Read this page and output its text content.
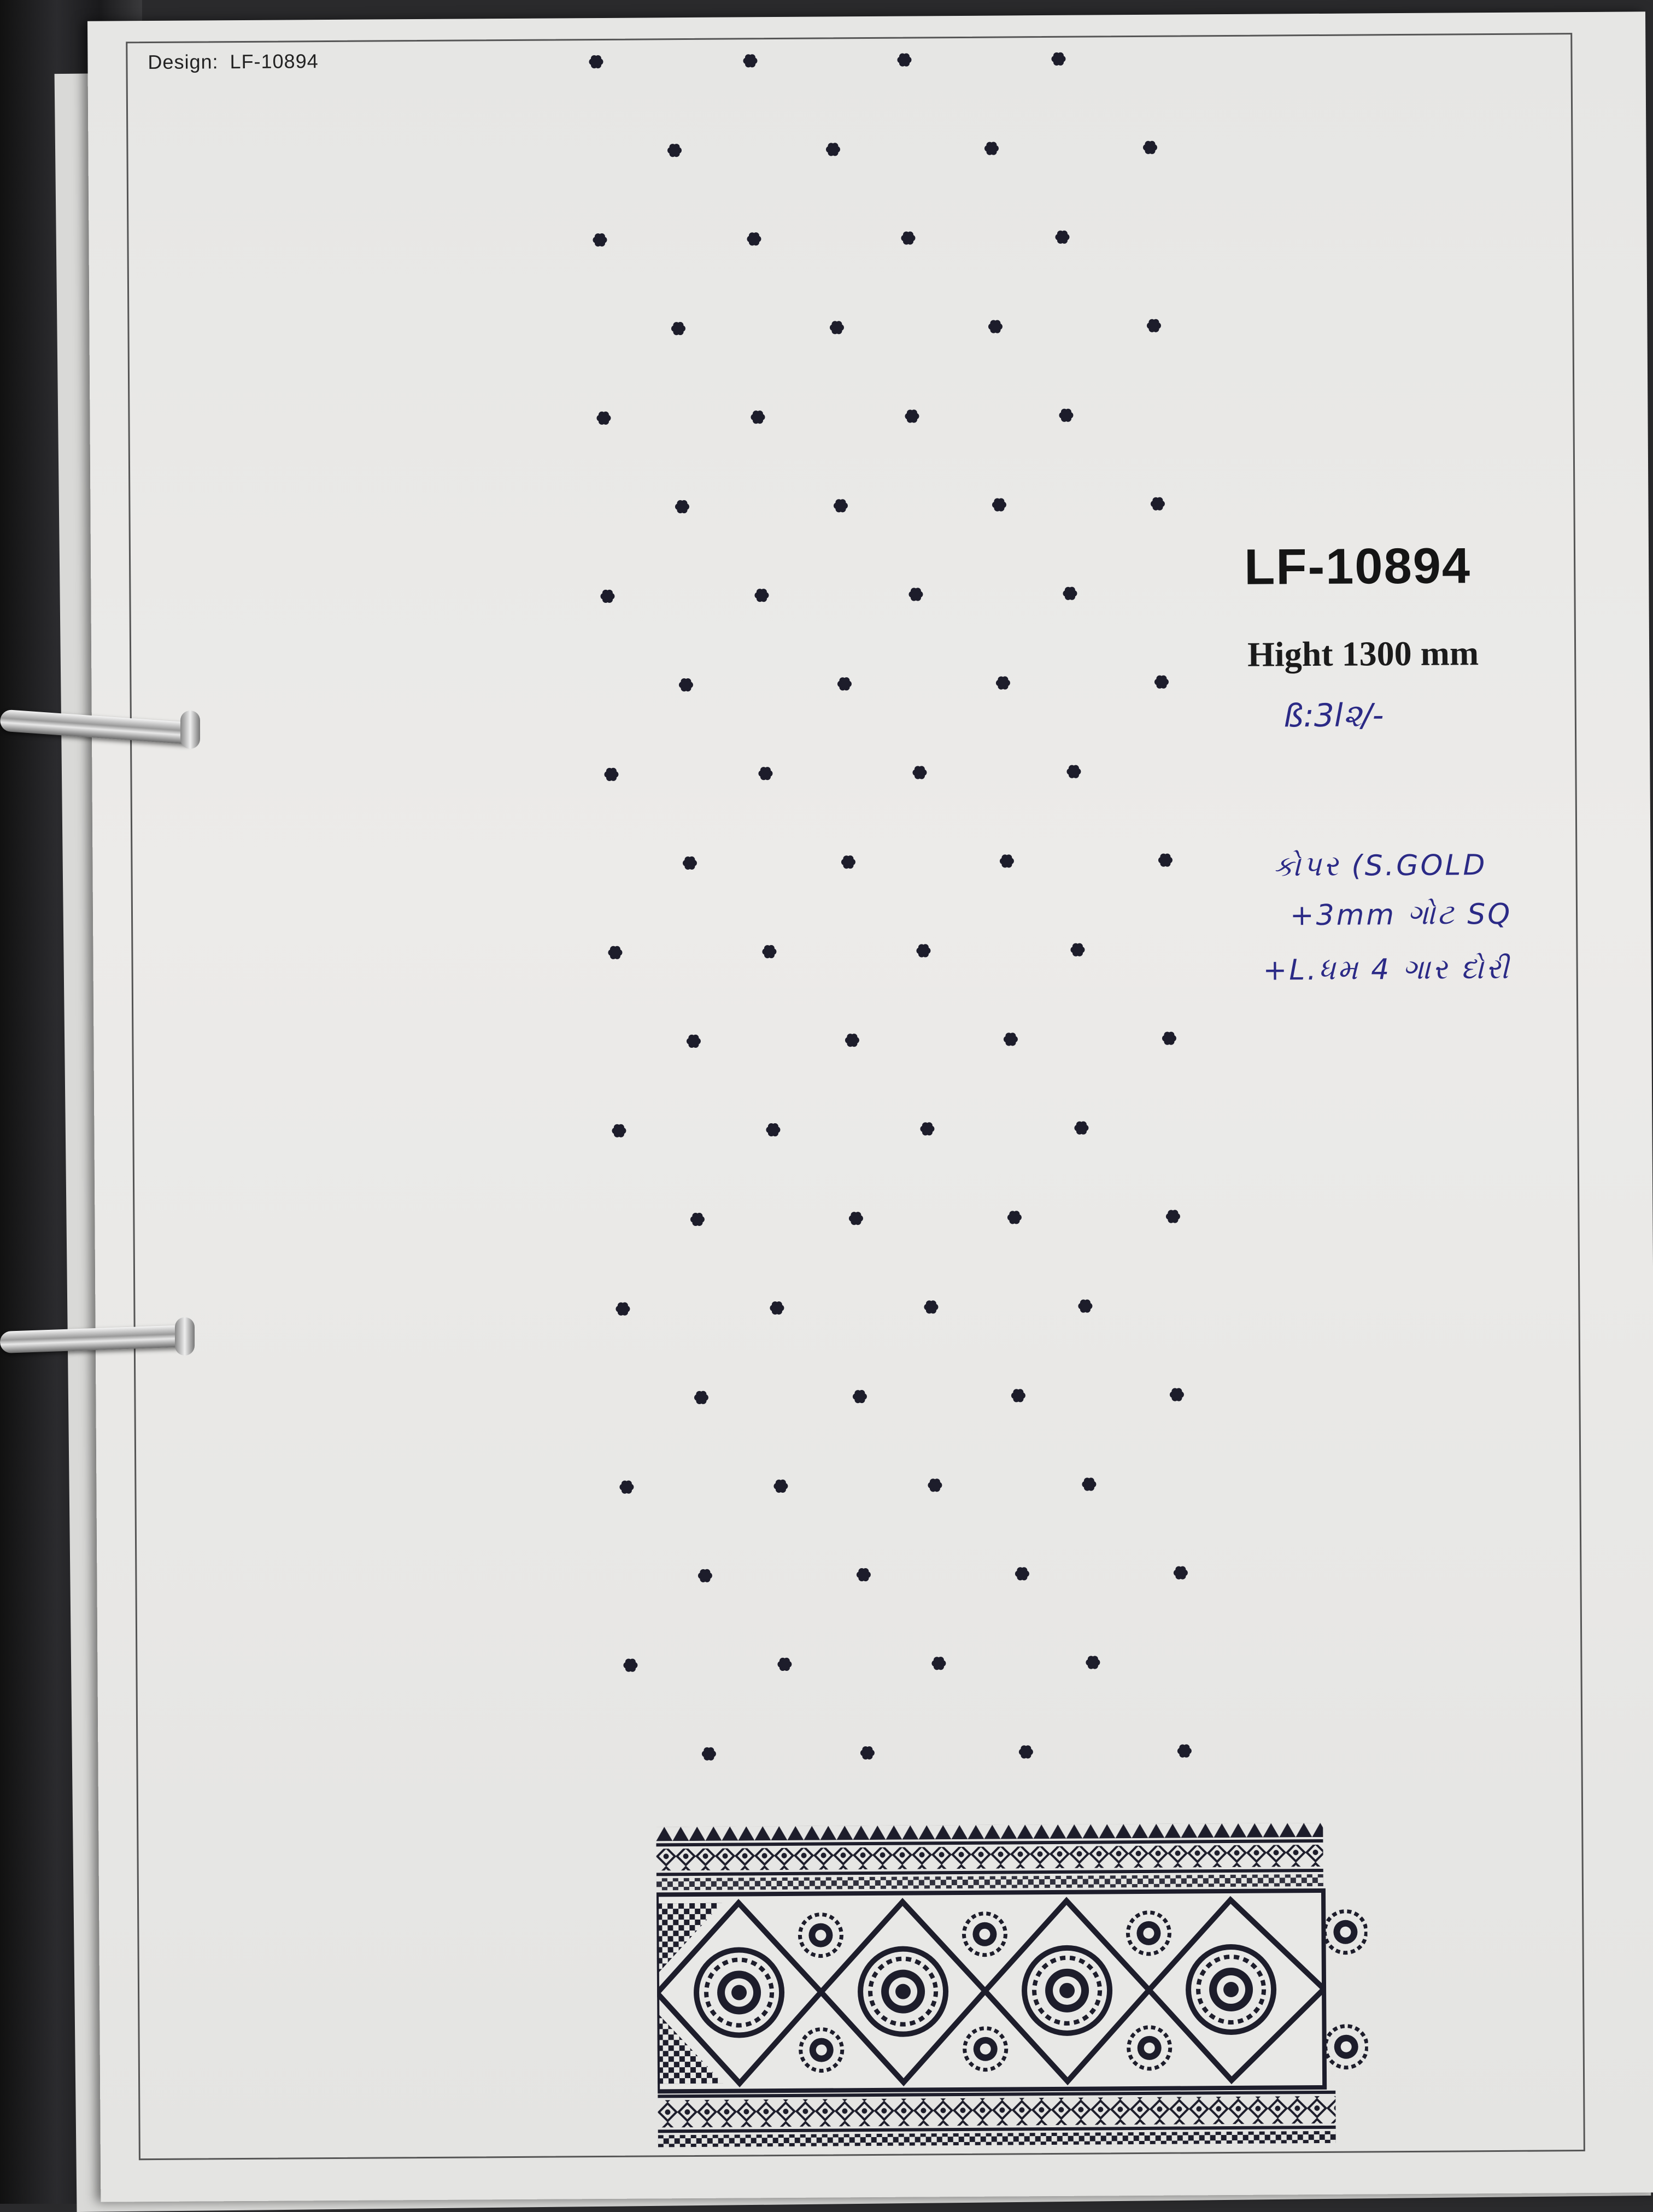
Design: LF-10894
LF-10894
Hight 1300 mm
ß:3l૨/-
કોપર (S.GOLD
+3mm ગોટ SQ
+L.ધમ 4 ગાર દોરી
